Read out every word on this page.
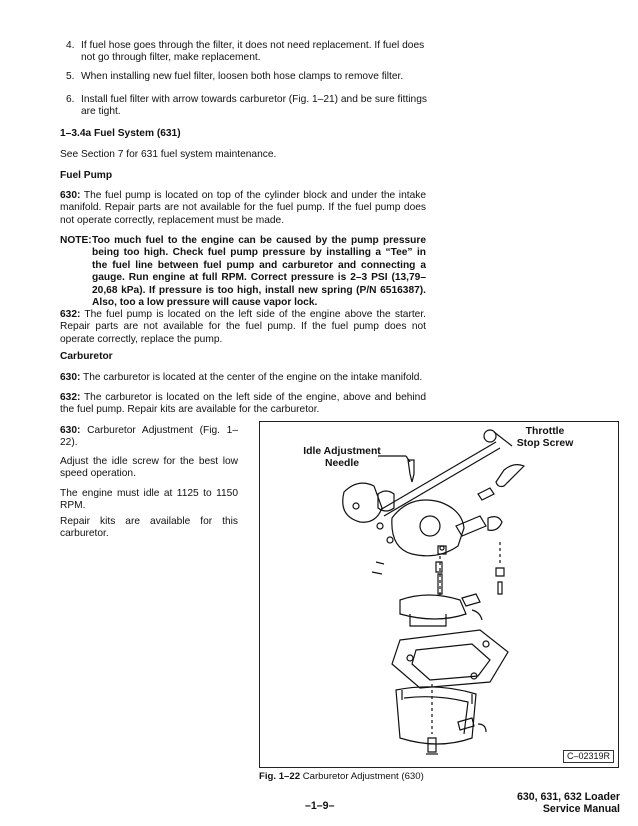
4. If fuel hose goes through the filter, it does not need replacement. If fuel does not go through filter, make replacement.
5. When installing new fuel filter, loosen both hose clamps to remove filter.
6. Install fuel filter with arrow towards carburetor (Fig. 1–21) and be sure fittings are tight.
1–3.4a Fuel System (631)
See Section 7 for 631 fuel system maintenance.
Fuel Pump
630: The fuel pump is located on top of the cylinder block and under the intake manifold. Repair parts are not available for the fuel pump. If the fuel pump does not operate correctly, replacement must be made.
NOTE: Too much fuel to the engine can be caused by the pump pressure being too high. Check fuel pump pressure by installing a “Tee” in the fuel line between fuel pump and carburetor and connecting a gauge. Run engine at full RPM. Correct pressure is 2–3 PSI (13,79–20,68 kPa). If pressure is too high, install new spring (P/N 6516387). Also, too a low pressure will cause vapor lock.
632: The fuel pump is located on the left side of the engine above the starter. Repair parts are not available for the fuel pump. If the fuel pump does not operate correctly, replace the pump.
Carburetor
630: The carburetor is located at the center of the engine on the intake manifold.
632: The carburetor is located on the left side of the engine, above and behind the fuel pump. Repair kits are available for the carburetor.
630: Carburetor Adjustment (Fig. 1–22).
Adjust the idle screw for the best low speed operation.
The engine must idle at 1125 to 1150 RPM.
Repair kits are available for this carburetor.
Idle Adjustment
Needle
Throttle
Stop Screw
C–02319R
Fig. 1–22 Carburetor Adjustment (630)
–1–9–
630, 631, 632 Loader
Service Manual
